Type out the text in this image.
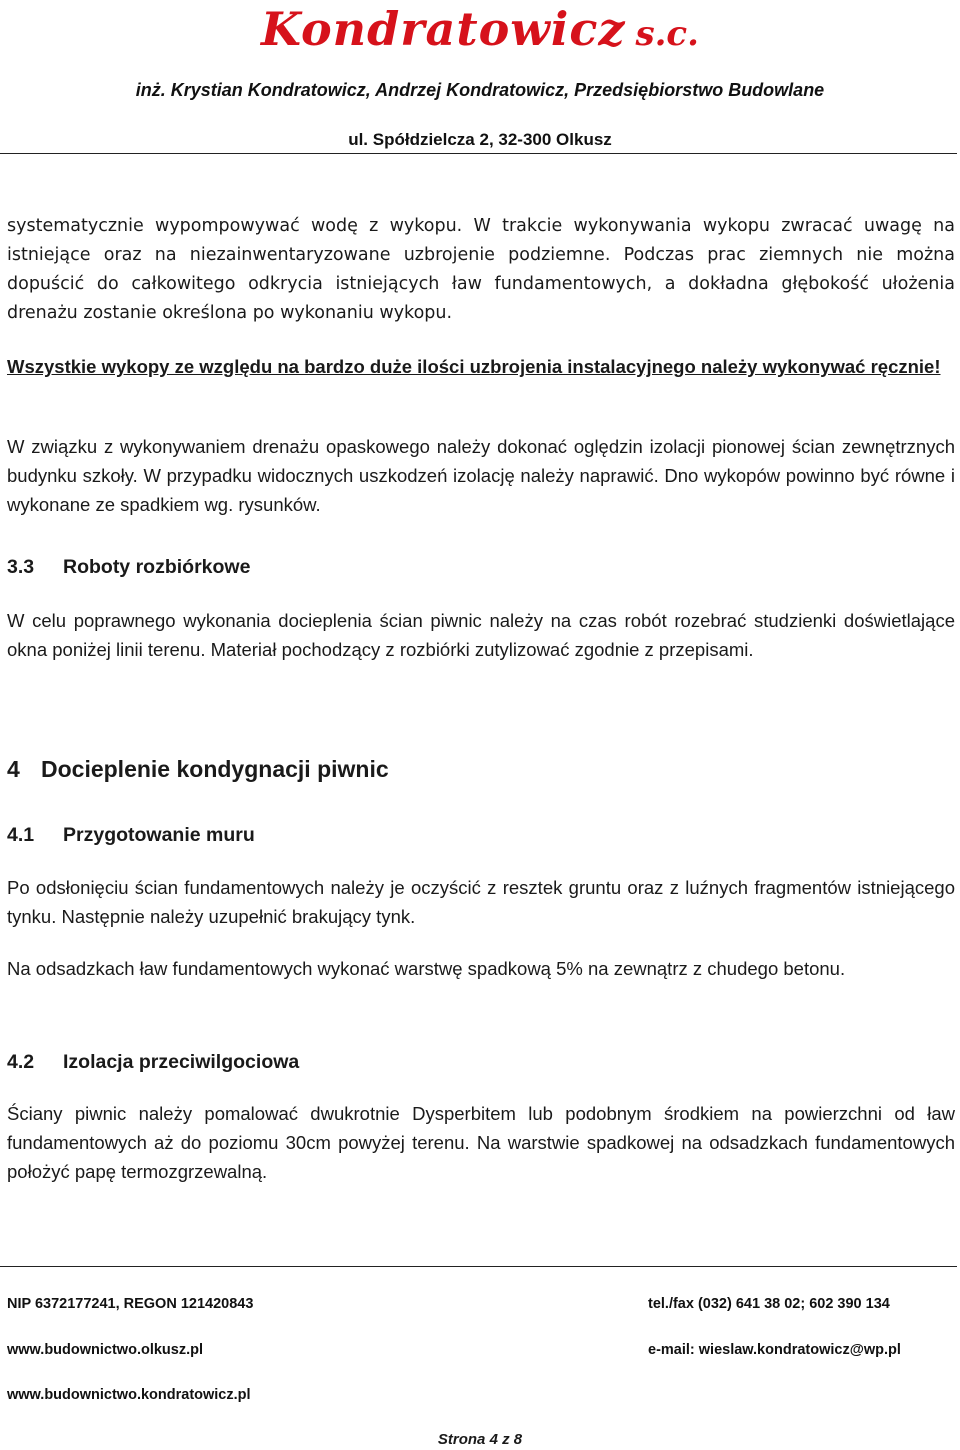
Kondratowicz s.c.
inż. Krystian Kondratowicz, Andrzej Kondratowicz, Przedsiębiorstwo Budowlane
ul. Spółdzielcza 2, 32-300 Olkusz

systematycznie wypompowywać wodę z wykopu. W trakcie wykonywania wykopu zwracać uwagę na istniejące oraz na niezainwentaryzowane uzbrojenie podziemne. Podczas prac ziemnych nie można dopuścić do całkowitego odkrycia istniejących ław fundamentowych, a dokładna głębokość ułożenia drenażu zostanie określona po wykonaniu wykopu.

Wszystkie wykopy ze względu na bardzo duże ilości uzbrojenia instalacyjnego należy wykonywać ręcznie!

W związku z wykonywaniem drenażu opaskowego należy dokonać oględzin izolacji pionowej ścian zewnętrznych budynku szkoły. W przypadku widocznych uszkodzeń izolację należy naprawić. Dno wykopów powinno być równe i wykonane ze spadkiem wg. rysunków.

3.3 Roboty rozbiórkowe

W celu poprawnego wykonania docieplenia ścian piwnic należy na czas robót rozebrać studzienki doświetlające okna poniżej linii terenu. Materiał pochodzący z rozbiórki zutylizować zgodnie z przepisami.

4 Docieplenie kondygnacji piwnic
4.1 Przygotowanie muru

Po odsłonięciu ścian fundamentowych należy je oczyścić z resztek gruntu oraz z luźnych fragmentów istniejącego tynku. Następnie należy uzupełnić brakujący tynk.

Na odsadzkach ław fundamentowych wykonać warstwę spadkową 5% na zewnątrz z chudego betonu.

4.2 Izolacja przeciwilgociowa

Ściany piwnic należy pomalować dwukrotnie Dysperbitem lub podobnym środkiem na powierzchni od ław fundamentowych aż do poziomu 30cm powyżej terenu. Na warstwie spadkowej na odsadzkach fundamentowych położyć papę termozgrzewalną.

NIP 6372177241, REGON 121420843	tel./fax (032) 641 38 02; 602 390 134
www.budownictwo.olkusz.pl	e-mail: wieslaw.kondratowicz@wp.pl
www.budownictwo.kondratowicz.pl
Strona 4 z 8
